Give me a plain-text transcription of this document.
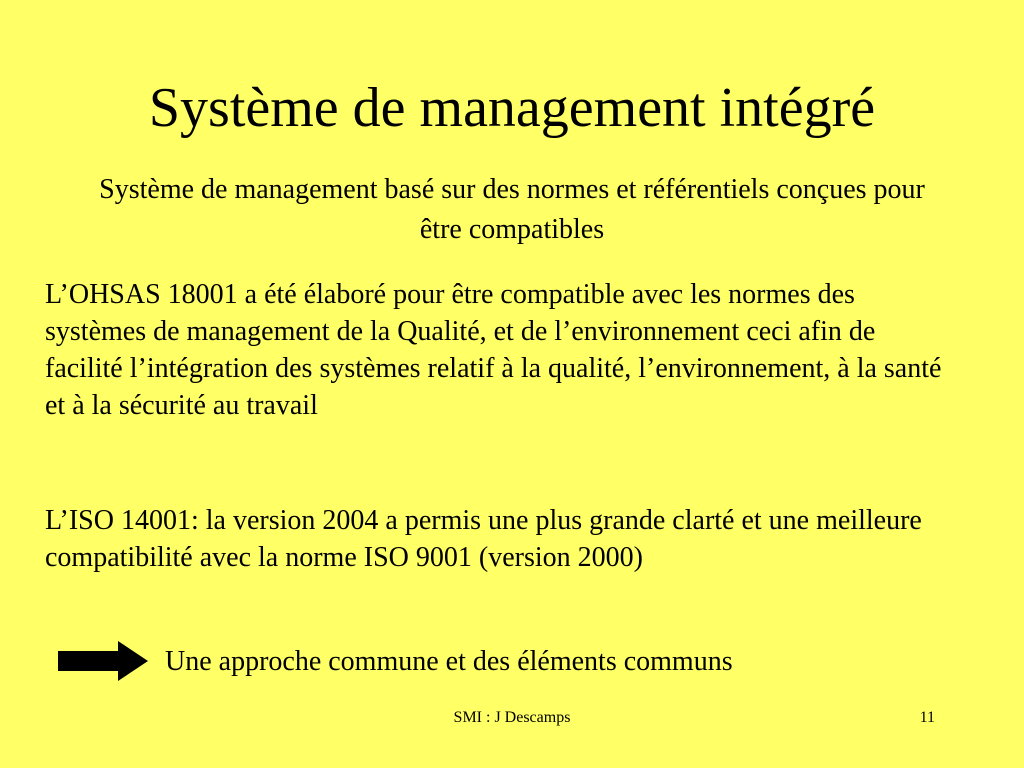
Système de management intégré
Système de management basé sur des normes et référentiels conçues pour être compatibles
L’OHSAS 18001 a été élaboré pour être compatible avec les normes des systèmes de management de la Qualité, et de l’environnement ceci afin de facilité l’intégration des systèmes relatif à la qualité, l’environnement, à la santé et à la sécurité au travail
L’ISO 14001: la version 2004 a permis une plus grande clarté et une meilleure compatibilité avec la norme ISO 9001 (version 2000)
Une approche commune et des éléments communs
SMI : J Descamps	11
